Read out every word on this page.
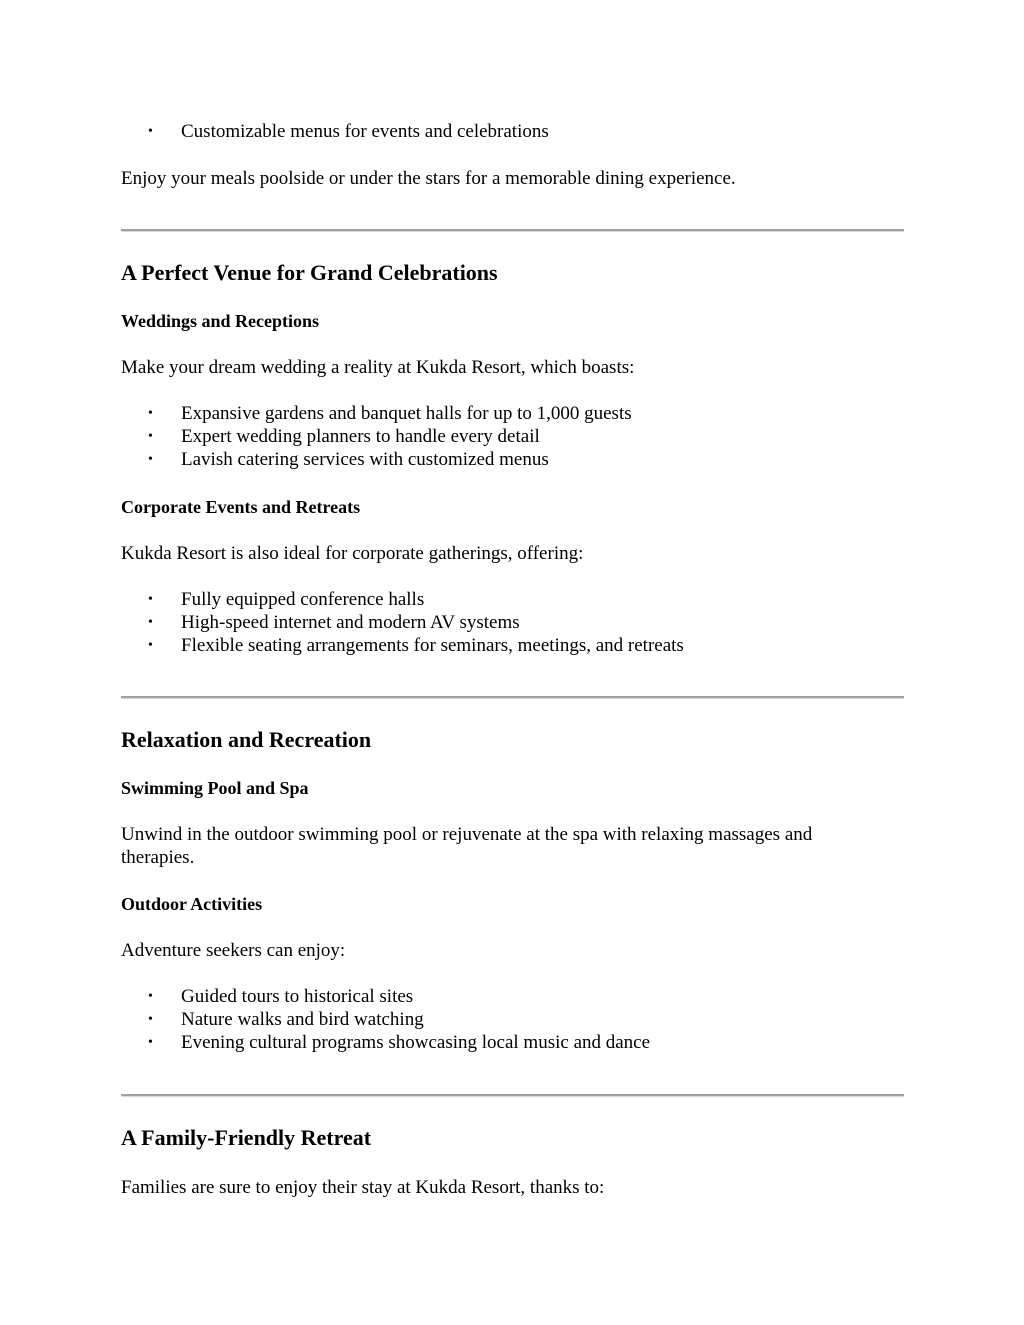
• Customizable menus for events and celebrations
Enjoy your meals poolside or under the stars for a memorable dining experience.
A Perfect Venue for Grand Celebrations
Weddings and Receptions
Make your dream wedding a reality at Kukda Resort, which boasts:
• Expansive gardens and banquet halls for up to 1,000 guests
• Expert wedding planners to handle every detail
• Lavish catering services with customized menus
Corporate Events and Retreats
Kukda Resort is also ideal for corporate gatherings, offering:
• Fully equipped conference halls
• High-speed internet and modern AV systems
• Flexible seating arrangements for seminars, meetings, and retreats
Relaxation and Recreation
Swimming Pool and Spa
Unwind in the outdoor swimming pool or rejuvenate at the spa with relaxing massages and therapies.
Outdoor Activities
Adventure seekers can enjoy:
• Guided tours to historical sites
• Nature walks and bird watching
• Evening cultural programs showcasing local music and dance
A Family-Friendly Retreat
Families are sure to enjoy their stay at Kukda Resort, thanks to:
